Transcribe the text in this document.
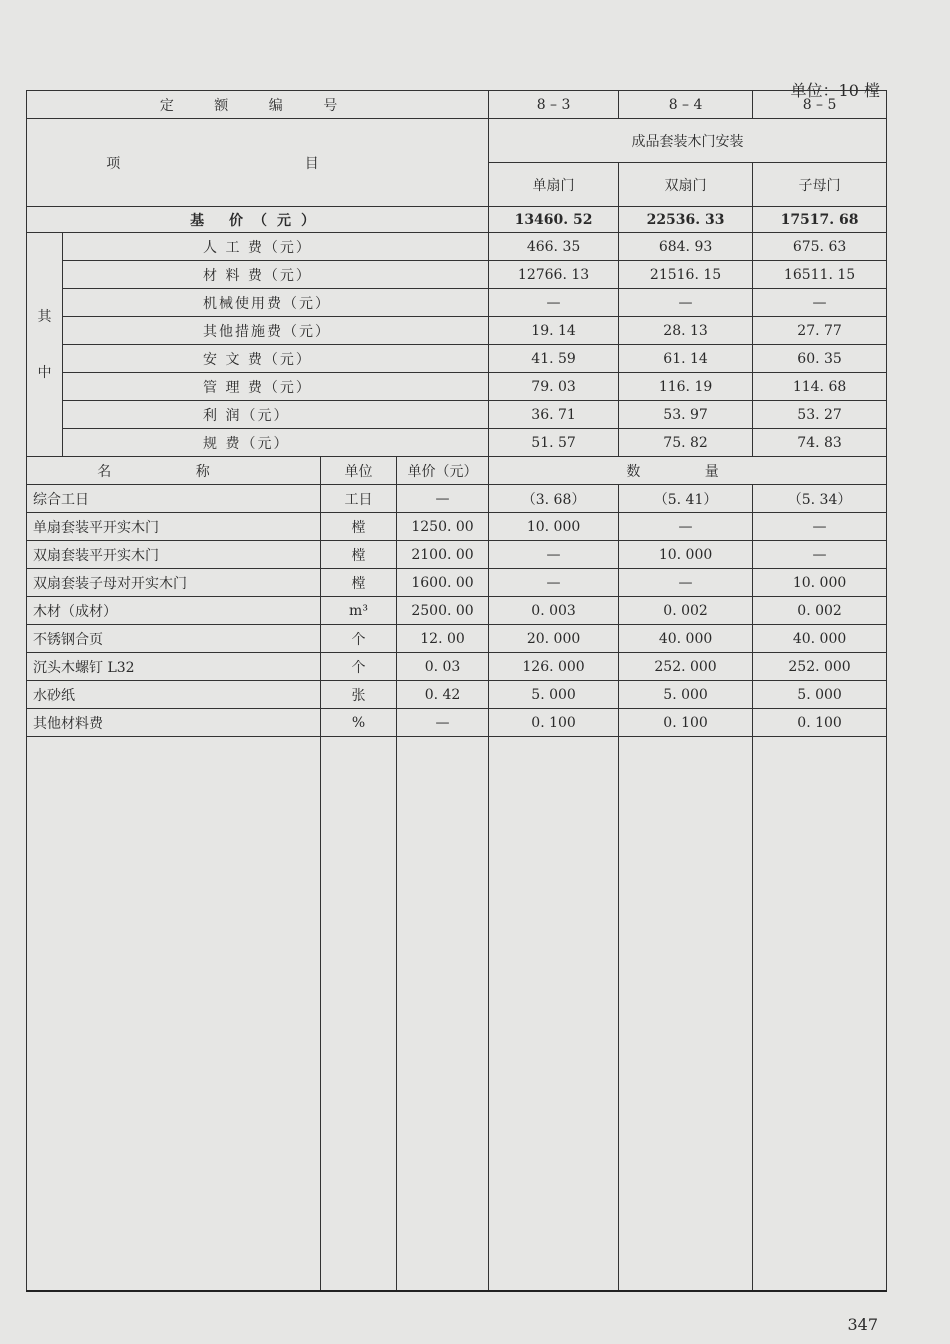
单位：10 樘
定 额 编 号				8 – 3	8 – 4	8 – 5
项 目				成品套装木门安装		
				单扇门	双扇门	子母门
基 价（元）				13460. 52	22536. 33	17517. 68
其
中	人 工 费（元）			466. 35	684. 93	675. 63
	材 料 费（元）			12766. 13	21516. 15	16511. 15
	机械使用费（元）			—	—	—
	其他措施费（元）			19. 14	28. 13	27. 77
	安 文 费（元）			41. 59	61. 14	60. 35
	管 理 费（元）			79. 03	116. 19	114. 68
	利 润（元）			36. 71	53. 97	53. 27
	规 费（元）			51. 57	75. 82	74. 83
名 称		单位	单价（元）	数 量		
综合工日		工日	—	（3. 68）	（5. 41）	（5. 34）
单扇套装平开实木门		樘	1250. 00	10. 000	—	—
双扇套装平开实木门		樘	2100. 00	—	10. 000	—
双扇套装子母对开实木门		樘	1600. 00	—	—	10. 000
木材（成材）		m³	2500. 00	0. 003	0. 002	0. 002
不锈钢合页		个	12. 00	20. 000	40. 000	40. 000
沉头木螺钉 L32		个	0. 03	126. 000	252. 000	252. 000
水砂纸		张	0. 42	5. 000	5. 000	5. 000
其他材料费		%	—	0. 100	0. 100	0. 100

347
